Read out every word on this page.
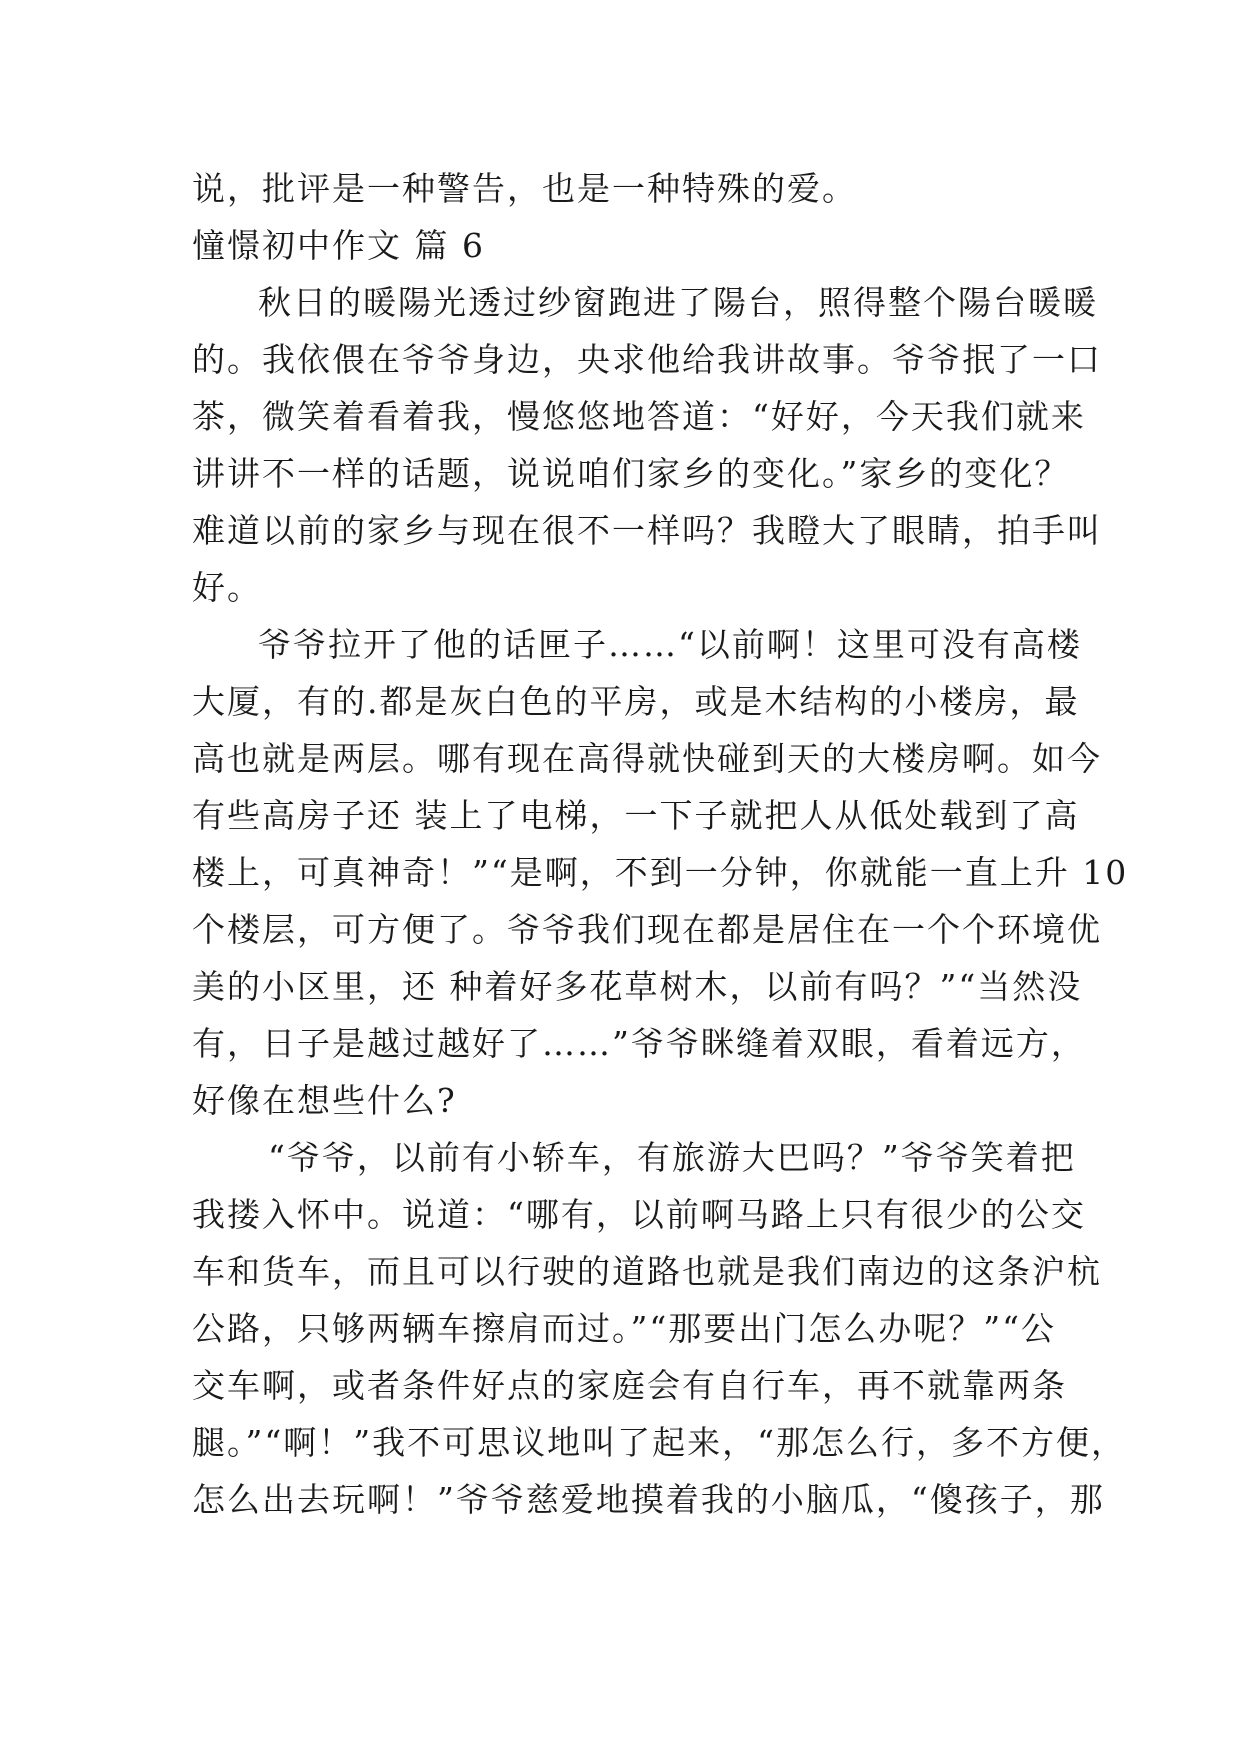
说，批评是一种警告，也是一种特殊的爱。
憧憬初中作文 篇 6
秋日的暖陽光透过纱窗跑进了陽台，照得整个陽台暖暖
的。我依偎在爷爷身边，央求他给我讲故事。爷爷抿了一口
茶，微笑着看着我，慢悠悠地答道：“好好，今天我们就来
讲讲不一样的话题，说说咱们家乡的变化。”家乡的变化？
难道以前的家乡与现在很不一样吗？我瞪大了眼睛，拍手叫
好。
爷爷拉开了他的话匣子……“以前啊！这里可没有高楼
大厦，有的.都是灰白色的平房，或是木结构的小楼房，最
高也就是两层。哪有现在高得就快碰到天的大楼房啊。如今
有些高房子还 装上了电梯，一下子就把人从低处载到了高
楼上，可真神奇！”“是啊，不到一分钟，你就能一直上升 10
个楼层，可方便了。爷爷我们现在都是居住在一个个环境优
美的小区里，还 种着好多花草树木，以前有吗？”“当然没
有，日子是越过越好了……”爷爷眯缝着双眼，看着远方，
好像在想些什么?
“爷爷，以前有小轿车，有旅游大巴吗？”爷爷笑着把
我搂入怀中。说道：“哪有，以前啊马路上只有很少的公交
车和货车，而且可以行驶的道路也就是我们南边的这条沪杭
公路，只够两辆车擦肩而过。”“那要出门怎么办呢？”“公
交车啊，或者条件好点的家庭会有自行车，再不就靠两条
腿。”“啊！”我不可思议地叫了起来，“那怎么行，多不方便，
怎么出去玩啊！”爷爷慈爱地摸着我的小脑瓜，“傻孩子，那
